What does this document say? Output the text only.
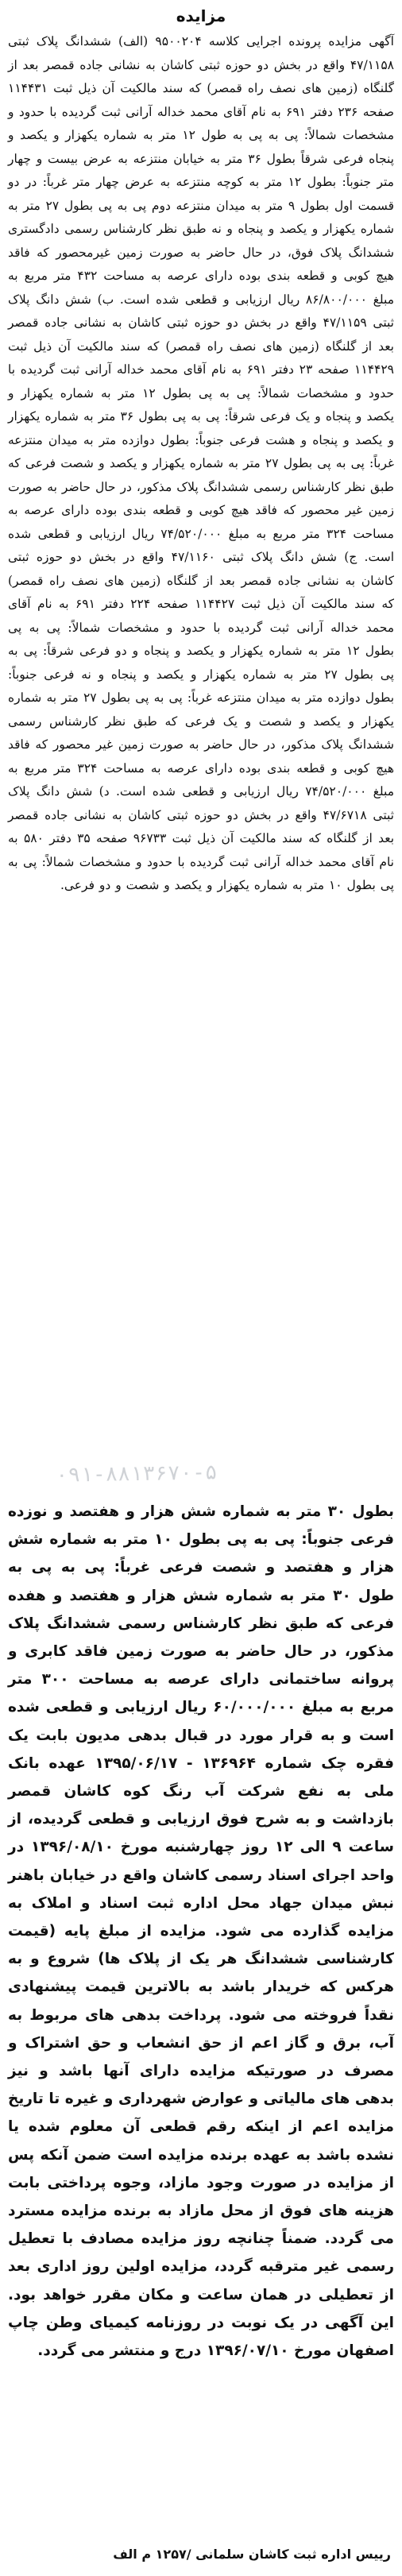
مزایده
آگهی مزایده پرونده اجرایی کلاسه ۹۵۰۰۲۰۴ (الف) ششدانگ پلاک ثبتی ۴۷/۱۱۵۸ واقع در بخش دو حوزه ثبتی کاشان به نشانی جاده قمصر بعد از گلنگاه (زمین های نصف راه قمصر) که سند مالکیت آن ذیل ثبت ۱۱۴۴۳۱ صفحه ۲۳۶ دفتر ۶۹۱ به نام آقای محمد خداله آرانی ثبت گردیده با حدود و مشخصات شمالاً: پی به پی به طول ۱۲ متر به شماره یکهزار و یکصد و پنجاه فرعی شرقاً بطول ۳۶ متر به خیابان منتزعه به عرض بیست و چهار متر جنوباً: بطول ۱۲ متر به کوچه منتزعه به عرض چهار متر غرباً: در دو قسمت اول بطول ۹ متر به میدان منتزعه دوم پی به پی بطول ۲۷ متر به شماره یکهزار و یکصد و پنجاه و نه طبق نظر کارشناس رسمی دادگستری ششدانگ پلاک فوق، در حال حاضر به صورت زمین غیرمحصور که فاقد هیچ کوبی و قطعه بندی بوده دارای عرصه به مساحت ۴۳۲ متر مربع به مبلغ ۸۶/۸۰۰/۰۰۰ ریال ارزیابی و قطعی شده است. ب) شش دانگ پلاک ثبتی ۴۷/۱۱۵۹ واقع در بخش دو حوزه ثبتی کاشان به نشانی جاده قمصر بعد از گلنگاه (زمین های نصف راه قمصر) که سند مالکیت آن ذیل ثبت ۱۱۴۴۲۹ صفحه ۲۳ دفتر ۶۹۱ به نام آقای محمد خداله آرانی ثبت گردیده با حدود و مشخصات شمالاً: پی به پی بطول ۱۲ متر به شماره یکهزار و یکصد و پنجاه و یک فرعی شرقاً: پی به پی بطول ۳۶ متر به شماره یکهزار و یکصد و پنجاه و هشت فرعی جنوباً: بطول دوازده متر به میدان منتزعه غرباً: پی به پی بطول ۲۷ متر به شماره یکهزار و یکصد و شصت فرعی که طبق نظر کارشناس رسمی ششدانگ پلاک مذکور، در حال حاضر به صورت زمین غیر محصور که فاقد هیچ کوبی و قطعه بندی بوده دارای عرصه به مساحت ۳۲۴ متر مربع به مبلغ ۷۴/۵۲۰/۰۰۰ ریال ارزیابی و قطعی شده است. ج) شش دانگ پلاک ثبتی ۴۷/۱۱۶۰ واقع در بخش دو حوزه ثبتی کاشان به نشانی جاده قمصر بعد از گلنگاه (زمین های نصف راه قمصر) که سند مالکیت آن ذیل ثبت ۱۱۴۴۲۷ صفحه ۲۲۴ دفتر ۶۹۱ به نام آقای محمد خداله آرانی ثبت گردیده با حدود و مشخصات شمالاً: پی به پی بطول ۱۲ متر به شماره یکهزار و یکصد و پنجاه و دو فرعی شرقاً: پی به پی بطول ۲۷ متر به شماره یکهزار و یکصد و پنجاه و نه فرعی جنوباً: بطول دوازده متر به میدان منتزعه غرباً: پی به پی بطول ۲۷ متر به شماره یکهزار و یکصد و شصت و یک فرعی که طبق نظر کارشناس رسمی ششدانگ پلاک مذکور، در حال حاضر به صورت زمین غیر محصور که فاقد هیچ کوبی و قطعه بندی بوده دارای عرصه به مساحت ۳۲۴ متر مربع به مبلغ ۷۴/۵۲۰/۰۰۰ ریال ارزیابی و قطعی شده است. د) شش دانگ پلاک ثبتی ۴۷/۶۷۱۸ واقع در بخش دو حوزه ثبتی کاشان به نشانی جاده قمصر بعد از گلنگاه که سند مالکیت آن ذیل ثبت ۹۶۷۳۳ صفحه ۳۵ دفتر ۵۸۰ به نام آقای محمد خداله آرانی ثبت گردیده با حدود و مشخصات شمالاً: پی به پی بطول ۱۰ متر به شماره یکهزار و یکصد و شصت و دو فرعی.
۰۹۱-۸۸۱۳۶۷۰-۵
بطول ۳۰ متر به شماره شش هزار و هفتصد و نوزده فرعی جنوباً: پی به پی بطول ۱۰ متر به شماره شش هزار و هفتصد و شصت فرعی غرباً: پی به پی به طول ۳۰ متر به شماره شش هزار و هفتصد و هفده فرعی که طبق نظر کارشناس رسمی ششدانگ پلاک مذکور، در حال حاضر به صورت زمین فاقد کابری و پروانه ساختمانی دارای عرصه به مساحت ۳۰۰ متر مربع به مبلغ ۶۰/۰۰۰/۰۰۰ ریال ارزیابی و قطعی شده است و به قرار مورد در قبال بدهی مدیون بابت یک فقره چک شماره ۱۳۶۹۶۴ - ۱۳۹۵/۰۶/۱۷ عهده بانک ملی به نفع شرکت آب رنگ کوه کاشان قمصر بازداشت و به شرح فوق ارزیابی و قطعی گردیده، از ساعت ۹ الی ۱۲ روز چهارشنبه مورخ ۱۳۹۶/۰۸/۱۰ در واحد اجرای اسناد رسمی کاشان واقع در خیابان باهنر نبش میدان جهاد محل اداره ثبت اسناد و املاک به مزایده گذارده می شود. مزایده از مبلغ پایه (قیمت کارشناسی ششدانگ هر یک از پلاک ها) شروع و به هرکس که خریدار باشد به بالاترین قیمت پیشنهادی نقداً فروخته می شود. پرداخت بدهی های مربوط به آب، برق و گاز اعم از حق انشعاب و حق اشتراک و مصرف در صورتیکه مزایده دارای آنها باشد و نیز بدهی های مالیاتی و عوارض شهرداری و غیره تا تاریخ مزایده اعم از اینکه رقم قطعی آن معلوم شده یا نشده باشد به عهده برنده مزایده است ضمن آنکه پس از مزایده در صورت وجود مازاد، وجوه پرداختی بابت هزینه های فوق از محل مازاد به برنده مزایده مسترد می گردد. ضمناً چنانچه روز مزایده مصادف با تعطیل رسمی غیر مترقبه گردد، مزایده اولین روز اداری بعد از تعطیلی در همان ساعت و مکان مقرر خواهد بود. این آگهی در یک نوبت در روزنامه کیمیای وطن چاپ اصفهان مورخ ۱۳۹۶/۰۷/۱۰ درج و منتشر می گردد.
رییس اداره ثبت کاشان سلمانی /۱۲۵۷ م الف
